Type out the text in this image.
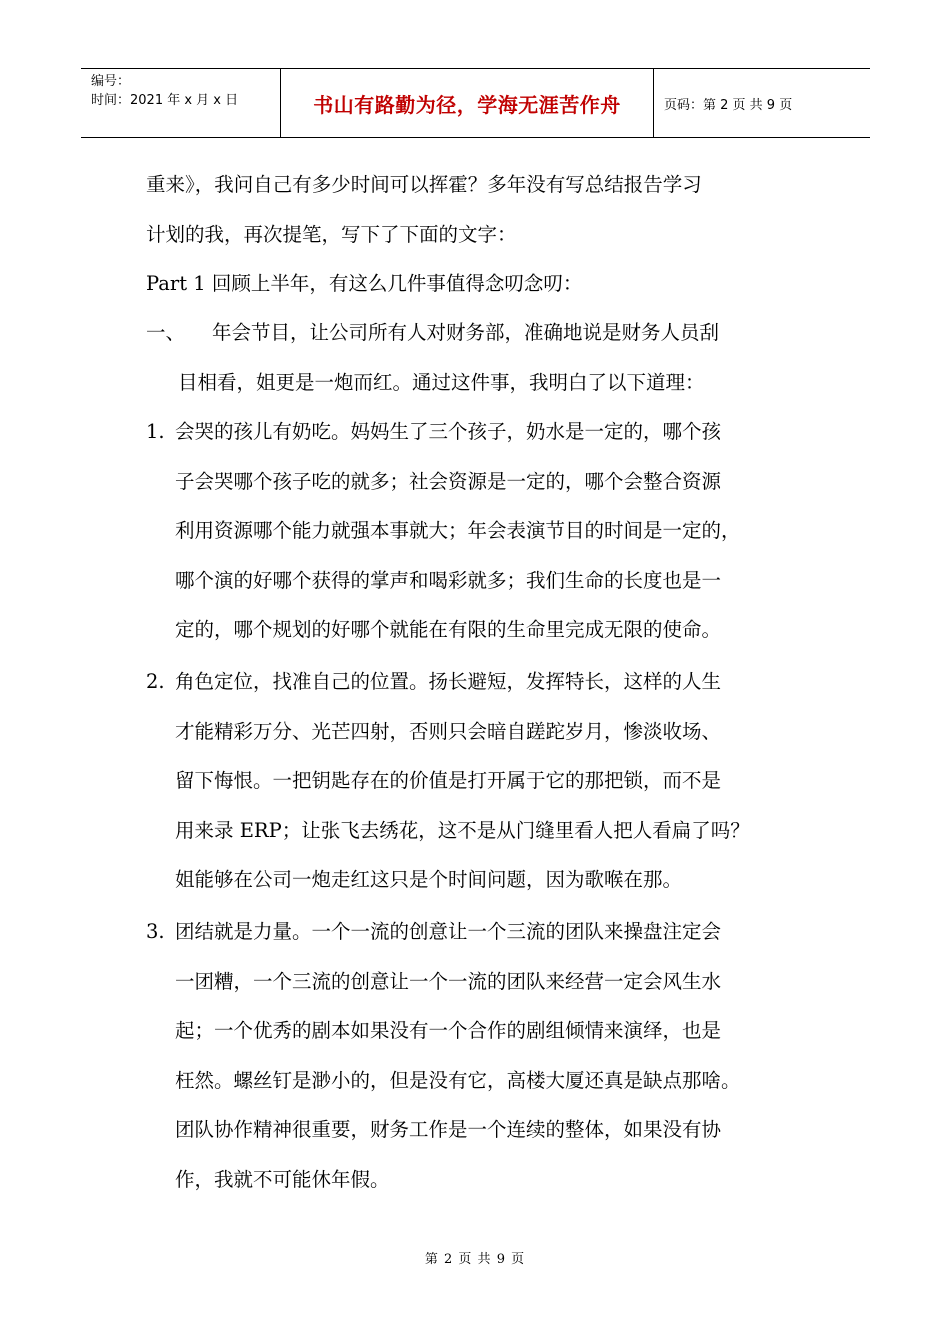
编号：
时间：2021 年 x 月 x 日	书山有路勤为径，学海无涯苦作舟	页码：第 2 页 共 9 页
重来》，我问自己有多少时间可以挥霍？多年没有写总结报告学习
计划的我，再次提笔，写下了下面的文字：
Part 1 回顾上半年，有这么几件事值得念叨念叨：
一、 年会节目，让公司所有人对财务部，准确地说是财务人员刮
目相看，姐更是一炮而红。通过这件事，我明白了以下道理：
1. 会哭的孩儿有奶吃。妈妈生了三个孩子，奶水是一定的，哪个孩
子会哭哪个孩子吃的就多；社会资源是一定的，哪个会整合资源
利用资源哪个能力就强本事就大；年会表演节目的时间是一定的，
哪个演的好哪个获得的掌声和喝彩就多；我们生命的长度也是一
定的，哪个规划的好哪个就能在有限的生命里完成无限的使命。
2. 角色定位，找准自己的位置。扬长避短，发挥特长，这样的人生
才能精彩万分、光芒四射，否则只会暗自蹉跎岁月，惨淡收场、
留下悔恨。一把钥匙存在的价值是打开属于它的那把锁，而不是
用来录 ERP；让张飞去绣花，这不是从门缝里看人把人看扁了吗？
姐能够在公司一炮走红这只是个时间问题，因为歌喉在那。
3. 团结就是力量。一个一流的创意让一个三流的团队来操盘注定会
一团糟，一个三流的创意让一个一流的团队来经营一定会风生水
起；一个优秀的剧本如果没有一个合作的剧组倾情来演绎，也是
枉然。螺丝钉是渺小的，但是没有它，高楼大厦还真是缺点那啥。
团队协作精神很重要，财务工作是一个连续的整体，如果没有协
作，我就不可能休年假。
第 2 页 共 9 页
